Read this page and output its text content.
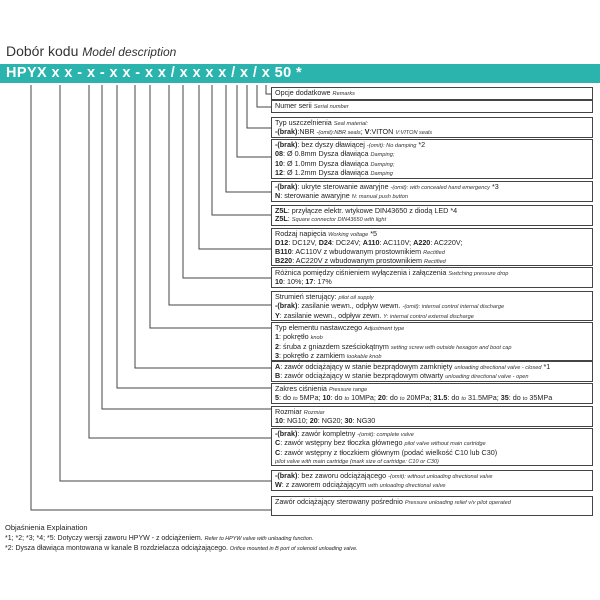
Dobór kodu Model description
HPYX x x - x - x x - x x / x x x x / x / x 50 *
Opcje dodatkowe Remarks
Numer serii Serial number
Typ uszczelnienia Seal material:
-(brak):NBR -(omit):NBR seals; V:VITON V:VITON seals
-(brak): bez dyszy dławiącej -(omit): No damping *2
08: Ø 0.8mm Dysza dławiąca Damping;
10: Ø 1.0mm Dysza dławiąca Damping;
12: Ø 1.2mm Dysza dławiąca Damping
-(brak): ukryte sterowanie awaryjne -(omit): with concealed hand emergency *3
N: sterowanie awaryjne N: manual push button
Z5L: przyłącze elektr. wtykowe DIN43650 z diodą LED *4
Z5L: Square connector DIN43650 with light
Rodzaj napięcia Working voltage *5
D12: DC12V, D24: DC24V; A110: AC110V; A220: AC220V;
B110: AC110V z wbudowanym prostownikiem Rectified
B220: AC220V z wbudowanym prostownikiem Rectified
Różnica pomiędzy ciśnieniem wyłączenia i załączenia Switching pressure drop
10: 10%; 17: 17%
Strumień sterujący: pilot oil supply
-(brak): zasilanie wewn., odpływ wewn. -(omit): internal control internal discharge
Y: zasilanie wewn., odpływ zewn. Y: internal control external discharge
Typ elementu nastawczego Adjustment type
1: pokrętło knob
2: śruba z gniazdem sześciokątnym setting screw with outside hexagon and boot cap
3: pokrętło z zamkiem lookable knob
A: zawór odciążający w stanie bezprądowym zamknięty unloading directional valve - closed *1
B: zawór odciążający w stanie bezprądowym otwarty unloading directional valve - open
Zakres ciśnienia Pressure range
5: do to 5MPa; 10: do to 10MPa; 20: do to 20MPa; 31.5: do to 31.5MPa; 35: do to 35MPa
Rozmiar Rozmiar
10: NG10; 20: NG20; 30: NG30
-(brak): zawór kompletny -(omit): complete valve
C: zawór wstępny bez tłoczka głównego pilot valve without main cartridge
C: zawór wstępny z tłoczkiem głównym (podać wielkość C10 lub C30)
pilot valve with main cartridge (mark size of cartridge: C10 or C30)
-(brak): bez zaworu odciążającego -(omit): without unloading directional valve
W: z zaworem odciążającym with unloading directional valve
Zawór odciążający sterowany pośrednio Pressure unloading relief v/v pilot operated
Objaśnienia Explaination
*1; *2; *3; *4; *5: Dotyczy wersji zaworu HPYW - z odciążeniem. Refer to HPYW valve with unloading function.
*2: Dysza dławiąca montowana w kanale B rozdzielacza odciążającego. Orifice mounted in B port of solenoid unloading valve.
